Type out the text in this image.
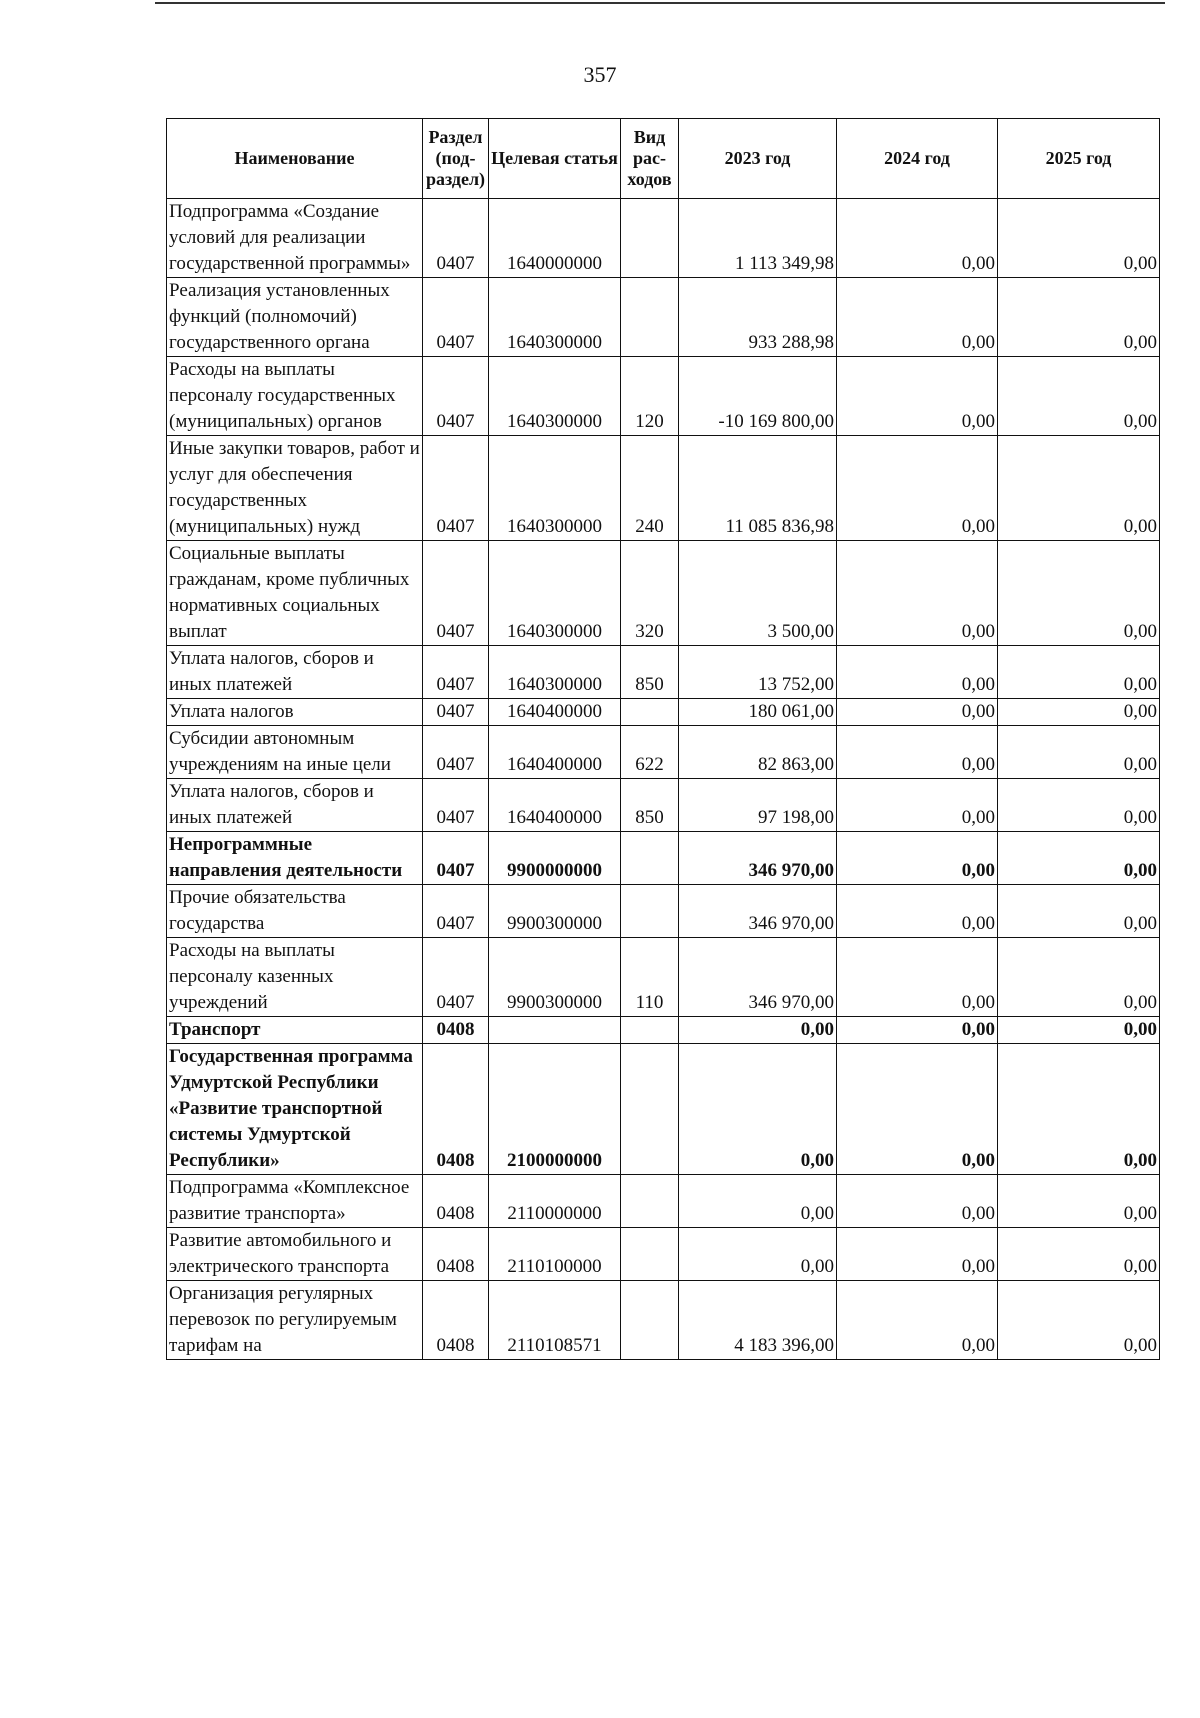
357
Наименование	Раздел (под-раздел)	Целевая статья	Вид рас-ходов	2023 год	2024 год	2025 год
Подпрограмма «Создание условий для реализации государственной программы»	0407	1640000000		1 113 349,98	0,00	0,00
Реализация установленных функций (полномочий) государственного органа	0407	1640300000		933 288,98	0,00	0,00
Расходы на выплаты персоналу государственных (муниципальных) органов	0407	1640300000	120	-10 169 800,00	0,00	0,00
Иные закупки товаров, работ и услуг для обеспечения государственных (муниципальных) нужд	0407	1640300000	240	11 085 836,98	0,00	0,00
Социальные выплаты гражданам, кроме публичных нормативных социальных выплат	0407	1640300000	320	3 500,00	0,00	0,00
Уплата налогов, сборов и иных платежей	0407	1640300000	850	13 752,00	0,00	0,00
Уплата налогов	0407	1640400000		180 061,00	0,00	0,00
Субсидии автономным учреждениям на иные цели	0407	1640400000	622	82 863,00	0,00	0,00
Уплата налогов, сборов и иных платежей	0407	1640400000	850	97 198,00	0,00	0,00
Непрограммные направления деятельности	0407	9900000000		346 970,00	0,00	0,00
Прочие обязательства государства	0407	9900300000		346 970,00	0,00	0,00
Расходы на выплаты персоналу казенных учреждений	0407	9900300000	110	346 970,00	0,00	0,00
Транспорт	0408			0,00	0,00	0,00
Государственная программа Удмуртской Республики «Развитие транспортной системы Удмуртской Республики»	0408	2100000000		0,00	0,00	0,00
Подпрограмма «Комплексное развитие транспорта»	0408	2110000000		0,00	0,00	0,00
Развитие автомобильного и электрического транспорта	0408	2110100000		0,00	0,00	0,00
Организация регулярных перевозок по регулируемым тарифам на	0408	2110108571		4 183 396,00	0,00	0,00
